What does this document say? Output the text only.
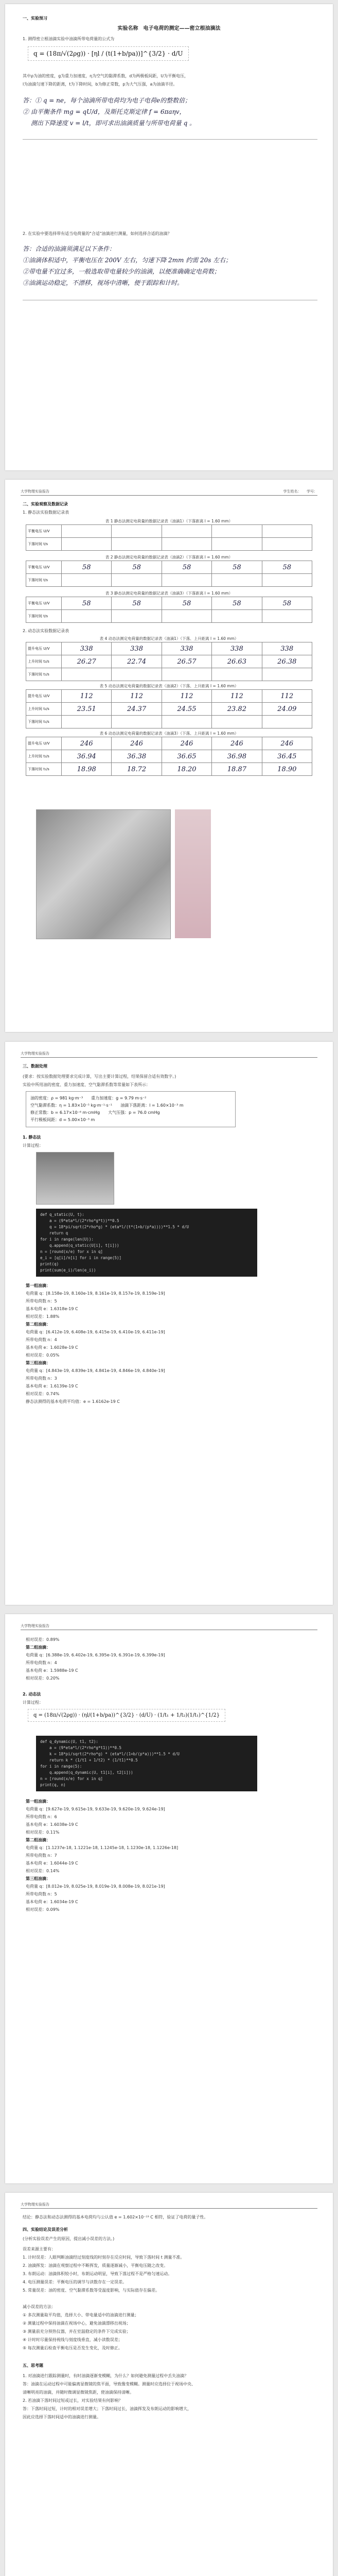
一、实验预习
实验名称　电子电荷的测定——密立根油滴法
1. 测得密立根油滴实验中油滴所带电荷量的公式为
q = (18π/√(2ρg)) · [ηl / (t(1+b/pa))]^{3/2} · d/U
其中ρ为油的密度，g为重力加速度，η为空气的黏滞系数，d为两极板间距，U为平衡电压，
l为油滴匀速下降的距离，t为下降时间，b为修正常数，p为大气压强，a为油滴半径。
答：① q = ne，每个油滴所带电荷均为电子电荷e的整数倍；
② 由平衡条件 mg = qU/d，及斯托克斯定律 f = 6πaηv，
　 测出下降速度 v = l/t，即可求出油滴质量与所带电荷量 q 。
2. 在实验中要选择带有适当电荷量的"合适"油滴进行测量，如何选择合适的油滴？
答：合适的油滴须满足以下条件：
①油滴体积适中，平衡电压在 200V 左右，匀速下降 2mm 约需 20s 左右；
②带电量不宜过多，一般选取带电量较少的油滴，以便准确确定电荷数；
③油滴运动稳定，不漂移，视场中清晰，便于跟踪和计时。
大学物理实验报告	学生姓名：　　学号：
二、实验观察及数据记录
1. 静态法实验数据记录表
表 1 静态法测定电荷量的数据记录表（油滴1）（下落距离 l = 1.60 mm）
平衡电压 U/V					
下落时间 t/s					
表 2 静态法测定电荷量的数据记录表（油滴2）（下落距离 l = 1.60 mm）
平衡电压 U/V	58	58	58	58	58
下落时间 t/s					
表 3 静态法测定电荷量的数据记录表（油滴3）（下落距离 l = 1.60 mm）
平衡电压 U/V	58	58	58	58	58
下落时间 t/s					
2. 动态法实验数据记录表
表 4 动态法测定电荷量的数据记录表（油滴1）（下落、上升距离 l = 1.60 mm）
提升电压 U/V	338	338	338	338	338
上升时间 t₂/s	26.27	22.74	26.57	26.63	26.38
下落时间 t₁/s					
表 5 动态法测定电荷量的数据记录表（油滴2）（下落、上升距离 l = 1.60 mm）
提升电压 U/V	112	112	112	112	112
上升时间 t₂/s	23.51	24.37	24.55	23.82	24.09
下落时间 t₁/s					
表 6 动态法测定电荷量的数据记录表（油滴3）（下落、上升距离 l = 1.60 mm）
提升电压 U/V	246	246	246	246	246
上升时间 t₂/s	36.94	36.38	36.65	36.98	36.45
下落时间 t₁/s	18.98	18.72	18.20	18.87	18.90
大学物理实验报告
三、数据处理
(要求：按实验数据处理要求完成计算，写出主要计算过程，结果保留合适有效数字。)
实验中所用油的密度、重力加速度、空气黏滞系数等常量如下表所示：
油的密度：ρ = 981 kg·m⁻³　　重力加速度：g = 9.79 m·s⁻²
空气黏滞系数：η = 1.83×10⁻⁵ kg·m⁻¹·s⁻¹　　油滴下落距离：l = 1.60×10⁻³ m
修正常数：b = 6.17×10⁻⁶ m·cmHg　　大气压强：p = 76.0 cmHg
平行极板间距：d = 5.00×10⁻³ m
1. 静态法
计算过程：
def q_static(U, t):
a = (9*eta*l/(2*rho*g*t))**0.5
q = 18*pi/sqrt(2*rho*g) * (eta*l/(t*(1+b/(p*a))))**1.5 * d/U
return q
for i in range(len(U)):
q.append(q_static(U[i], t[i]))
n = [round(x/e) for x in q]
e_i = [q[i]/n[i] for i in range(5)]
print(q)
print(sum(e_i)/len(e_i))
第一组油滴：
电荷量 q：[8.158e-19, 8.160e-19, 8.161e-19, 8.157e-19, 8.159e-19]
所带电荷数 n：5
基本电荷 e：1.6318e-19 C
相对误差：1.88%
第二组油滴：
电荷量 q：[6.412e-19, 6.408e-19, 6.415e-19, 6.410e-19, 6.411e-19]
所带电荷数 n：4
基本电荷 e：1.6028e-19 C
相对误差：0.05%
第三组油滴：
电荷量 q：[4.843e-19, 4.839e-19, 4.841e-19, 4.846e-19, 4.840e-19]
所带电荷数 n：3
基本电荷 e：1.6139e-19 C
相对误差：0.74%
静态法测得的基本电荷平均值：e = 1.6162e-19 C
大学物理实验报告
相对误差：0.89%
第二组油滴：
电荷量 q：[6.388e-19, 6.402e-19, 6.395e-19, 6.391e-19, 6.399e-19]
所带电荷数 n：4
基本电荷 e：1.5988e-19 C
相对误差：0.20%
2. 动态法
计算过程：
q = (18π/√(2ρg)) · (ηl/(1+b/pa))^{3/2} · (d/U) · (1/t₁ + 1/t₂)(1/t₁)^{1/2}
def q_dynamic(U, t1, t2):
a = (9*eta*l/(2*rho*g*t1))**0.5
k = 18*pi/sqrt(2*rho*g) * (eta*l/(1+b/(p*a)))**1.5 * d/U
return k * (1/t1 + 1/t2) * (1/t1)**0.5
for i in range(5):
q.append(q_dynamic(U, t1[i], t2[i]))
n = [round(x/e) for x in q]
print(q, n)
第一组油滴：
电荷量 q：[9.627e-19, 9.615e-19, 9.633e-19, 9.620e-19, 9.624e-19]
所带电荷数 n：6
基本电荷 e：1.6038e-19 C
相对误差：0.11%
第二组油滴：
电荷量 q：[1.1237e-18, 1.1221e-18, 1.1245e-18, 1.1230e-18, 1.1226e-18]
所带电荷数 n：7
基本电荷 e：1.6044e-19 C
相对误差：0.14%
第三组油滴：
电荷量 q：[8.012e-19, 8.025e-19, 8.019e-19, 8.008e-19, 8.021e-19]
所带电荷数 n：5
基本电荷 e：1.6034e-19 C
相对误差：0.09%
大学物理实验报告
结论：静态法和动态法测得的基本电荷均与公认值 e = 1.602×10⁻¹⁹ C 相符，验证了电荷的量子性。
四、实验结论及误差分析
(分析实验误差产生的原因，提出减小误差的方法。)
误差来源主要有：
1. 计时误差：人眼判断油滴经过刻度线的时刻存在反应时间，导致下落时间 t 测量不准。
2. 油滴挥发：油滴在观察过程中不断挥发，质量逐渐减小，平衡电压随之改变。
3. 布朗运动：油滴体积较小时，布朗运动明显，导致下落过程不是严格匀速运动。
4. 电压测量误差：平衡电压的调节与读数存在一定误差。
5. 常量误差：油的密度、空气黏滞系数等受温度影响，与实际值存在偏差。
减小误差的方法：
① 多次测量取平均值，选择大小、带电量适中的油滴进行测量；
② 测量过程中保持油滴在视场中心，避免油滴漂移出视场；
③ 测量前充分预热仪器，并在室温稳定的条件下完成实验；
④ 计时时尽量保持视线与刻度线垂直，减小读数误差；
⑤ 每次测量后检查平衡电压是否发生变化，及时修正。
五、思考题
1. 对油滴进行跟踪测量时，有时油滴逐渐变模糊，为什么？如何避免测量过程中丢失油滴？
答：油滴在运动过程中可能偏离显微镜的焦平面，导致像变模糊。测量时应选择位于视场中央、
清晰明亮的油滴，并随时微调显微镜焦距，使油滴保持清晰。
2. 若油滴下落时间过短或过长，对实验结果有何影响？
答：下落时间过短，计时的相对误差增大；下落时间过长，油滴挥发及布朗运动的影响增大，
因此应选择下落时间适中的油滴进行测量。
